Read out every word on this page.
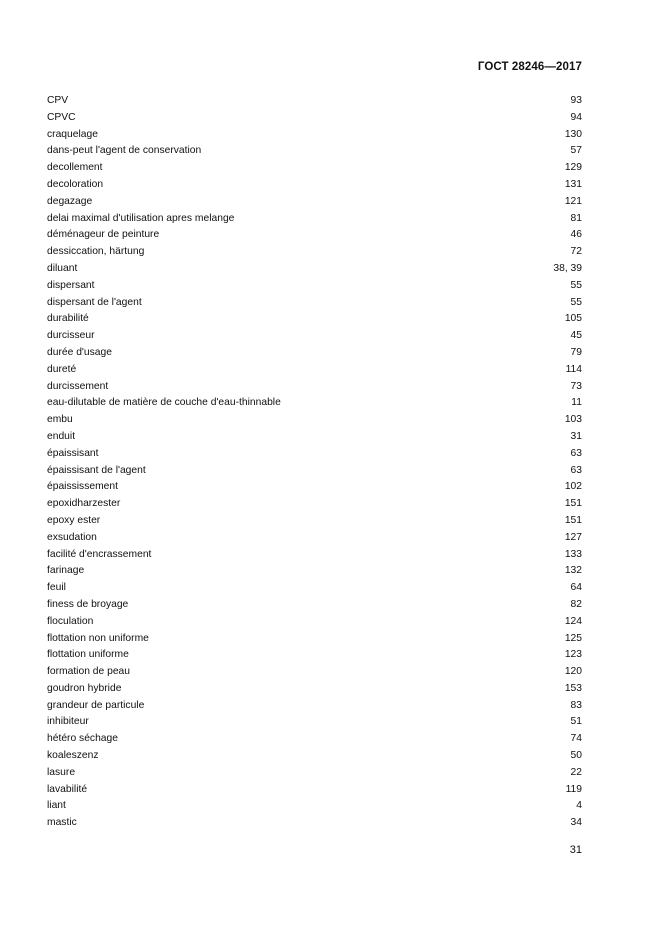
ГОСТ 28246—2017
CPV	93
CPVC	94
craquelage	130
dans-peut l'agent de conservation	57
decollement	129
decoloration	131
degazage	121
delai maximal d'utilisation apres melange	81
déménageur de peinture	46
dessiccation, härtung	72
diluant	38, 39
dispersant	55
dispersant de l'agent	55
durabilité	105
durcisseur	45
durée d'usage	79
dureté	114
durcissement	73
eau-dilutable de matière de couche d'eau-thinnable	11
embu	103
enduit	31
épaissisant	63
épaissisant de l'agent	63
épaississement	102
epoxidharzester	151
epoxy ester	151
exsudation	127
facilité d'encrassement	133
farinage	132
feuil	64
finess de broyage	82
floculation	124
flottation non uniforme	125
flottation uniforme	123
formation de peau	120
goudron hybride	153
grandeur de particule	83
inhibiteur	51
hétéro séchage	74
koaleszenz	50
lasure	22
lavabilité	119
liant	4
mastic	34
31
